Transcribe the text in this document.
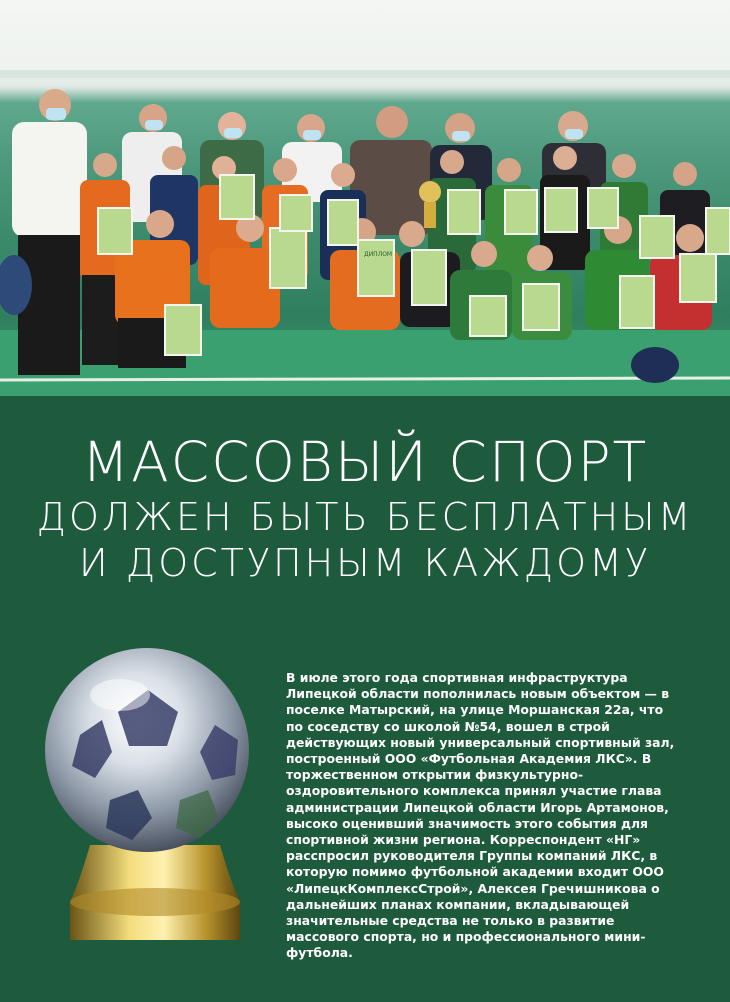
ДИПЛОМ

МАССОВЫЙ СПОРТ

ДОЛЖЕН БЫТЬ БЕСПЛАТНЫМ

И ДОСТУПНЫМ КАЖДОМУ

В июле этого года спортивная инфраструктура Липецкой области пополнилась новым объектом — в поселке Матырский, на улице Моршанская 22а, что по соседству со школой №54, вошел в строй действующих новый универсальный спортивный зал, построенный ООО «Футбольная Академия ЛКС». В торжественном открытии физкультурно-оздоровительного комплекса принял участие глава администрации Липецкой области Игорь Артамонов, высоко оценивший значимость этого события для спортивной жизни региона. Корреспондент «НГ» расспросил руководителя Группы компаний ЛКС, в которую помимо футбольной академии входит ООО «ЛипецкКомплексСтрой», Алексея Гречишникова о дальнейших планах компании, вкладывающей значительные средства не только в развитие массового спорта, но и профессионального мини-футбола.
